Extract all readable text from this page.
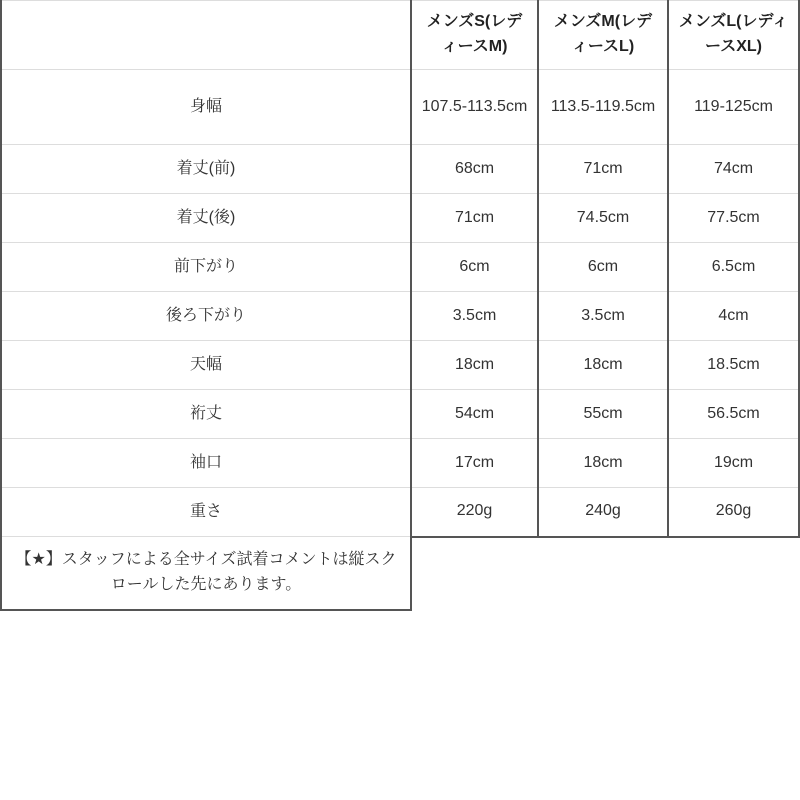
	メンズS(レディースM)	メンズM(レディースL)	メンズL(レディースXL)
身幅	107.5-113.5cm	113.5-119.5cm	119-125cm
着丈(前)	68cm	71cm	74cm
着丈(後)	71cm	74.5cm	77.5cm
前下がり	6cm	6cm	6.5cm
後ろ下がり	3.5cm	3.5cm	4cm
天幅	18cm	18cm	18.5cm
裄丈	54cm	55cm	56.5cm
袖口	17cm	18cm	19cm
重さ	220g	240g	260g
【★】スタッフによる全サイズ試着コメントは縦スクロールした先にあります。			
